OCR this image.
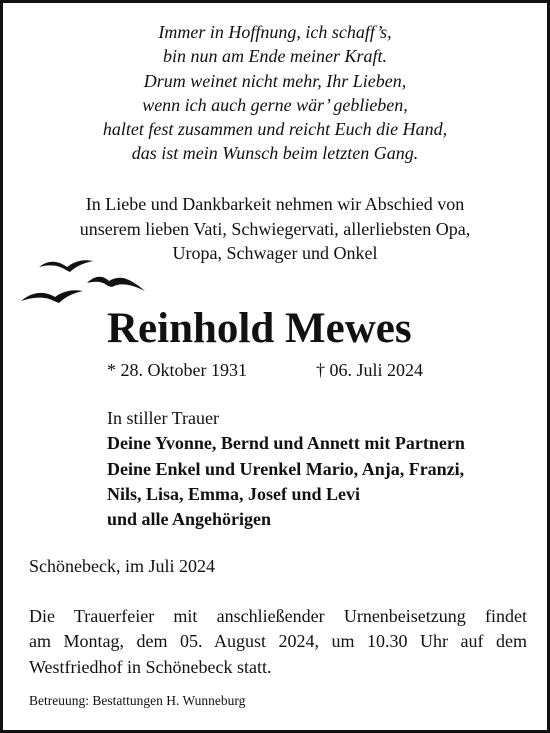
Immer in Hoffnung, ich schaff’s,
bin nun am Ende meiner Kraft.
Drum weinet nicht mehr, Ihr Lieben,
wenn ich auch gerne wär’ geblieben,
haltet fest zusammen und reicht Euch die Hand,
das ist mein Wunsch beim letzten Gang.
In Liebe und Dankbarkeit nehmen wir Abschied von
unserem lieben Vati, Schwiegervati, allerliebsten Opa,
Uropa, Schwager und Onkel
Reinhold Mewes
* 28. Oktober 1931	† 06. Juli 2024
In stiller Trauer
Deine Yvonne, Bernd und Annett mit Partnern
Deine Enkel und Urenkel Mario, Anja, Franzi,
Nils, Lisa, Emma, Josef und Levi
und alle Angehörigen
Schönebeck, im Juli 2024
Die Trauerfeier mit anschließender Urnenbeisetzung findet
am Montag, dem 05. August 2024, um 10.30 Uhr auf dem
Westfriedhof in Schönebeck statt.
Betreuung: Bestattungen H. Wunneburg
